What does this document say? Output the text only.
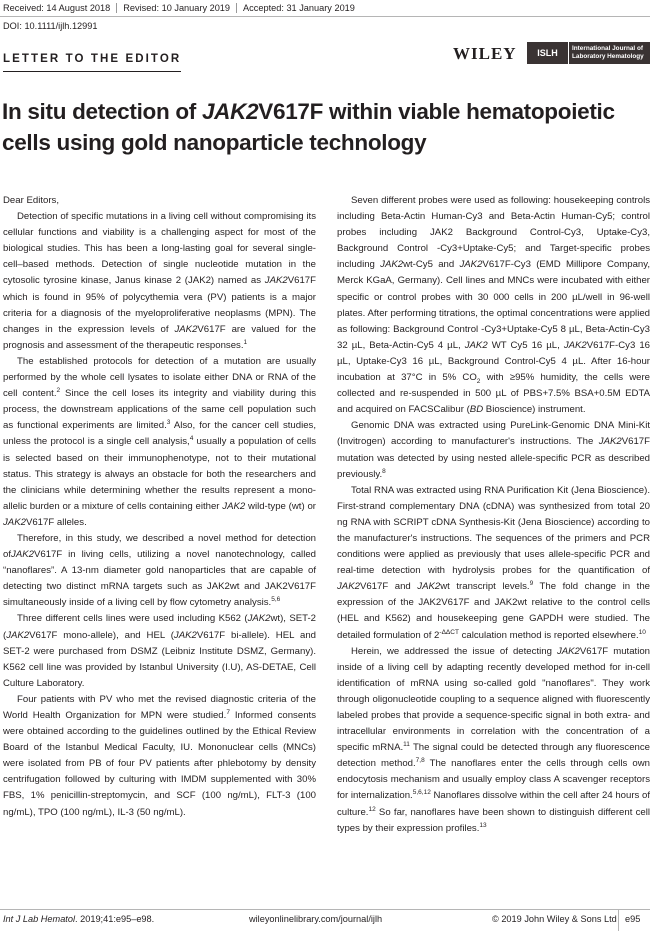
Received: 14 August 2018 Revised: 10 January 2019 Accepted: 31 January 2019
DOI: 10.1111/ijlh.12991
WILEY	ISLH	International Journal of
Laboratory Hematology
LETTER TO THE EDITOR
In situ detection of JAK2V617F within viable hematopoietic cells using gold nanoparticle technology

Dear Editors,

Detection of specific mutations in a living cell without compromising its cellular functions and viability is a challenging aspect for most of the biological studies. This has been a long-lasting goal for several single-cell–based methods. Detection of single nucleotide mutation in the cytosolic tyrosine kinase, Janus kinase 2 (JAK2) named as JAK2V617F which is found in 95% of polycythemia vera (PV) patients is a major criteria for a diagnosis of the myeloproliferative neoplasms (MPN). The changes in the expression levels of JAK2V617F are valued for the prognosis and assessment of the therapeutic responses.$^1$

The established protocols for detection of a mutation are usually performed by the whole cell lysates to isolate either DNA or RNA of the cell content.$^2$ Since the cell loses its integrity and viability during this process, the downstream applications of the same cell population such as functional experiments are limited.$^3$ Also, for the cancer cell studies, unless the protocol is a single cell analysis,$^4$ usually a population of cells is selected based on their immunophenotype, not to their mutational status. This strategy is always an obstacle for both the researchers and the clinicians while determining whether the results represent a mono-allelic burden or a mixture of cells containing either JAK2 wild-type (wt) or JAK2V617F alleles.

Therefore, in this study, we described a novel method for detection ofJAK2V617F in living cells, utilizing a novel nanotechnology, called “nanoflares”. A 13-nm diameter gold nanoparticles that are capable of detecting two distinct mRNA targets such as JAK2wt and JAK2V617F simultaneously inside of a living cell by flow cytometry analysis.$^{5,6}$

Three different cells lines were used including K562 (JAK2wt), SET-2 (JAK2V617F mono-allele), and HEL (JAK2V617F bi-allele). HEL and SET-2 were purchased from DSMZ (Leibniz Institute DSMZ, Germany). K562 cell line was provided by Istanbul University (I.U), AS-DETAE, Cell Culture Laboratory.

Four patients with PV who met the revised diagnostic criteria of the World Health Organization for MPN were studied.$^7$ Informed consents were obtained according to the guidelines outlined by the Ethical Review Board of the Istanbul Medical Faculty, IU. Mononuclear cells (MNCs) were isolated from PB of four PV patients after phlebotomy by density centrifugation followed by culturing with IMDM supplemented with 30% FBS, 1% penicillin-streptomycin, and SCF (100 ng/mL), FLT-3 (100 ng/mL), TPO (100 ng/mL), IL-3 (50 ng/mL).

Seven different probes were used as following: housekeeping controls including Beta-Actin Human-Cy3 and Beta-Actin Human-Cy5; control probes including JAK2 Background Control-Cy3, Uptake-Cy3, Background Control -Cy3+Uptake-Cy5; and Target-specific probes including JAK2wt-Cy5 and JAK2V617F-Cy3 (EMD Millipore Company, Merck KGaA, Germany). Cell lines and MNCs were incubated with either specific or control probes with 30 000 cells in 200 µL/well in 96-well plates. After performing titrations, the optimal concentrations were applied as following: Background Control -Cy3+Uptake-Cy5 8 µL, Beta-Actin-Cy3 32 µL, Beta-Actin-Cy5 4 µL, JAK2 WT Cy5 16 µL, JAK2V617F-Cy3 16 µL, Uptake-Cy3 16 µL, Background Control-Cy5 4 µL. After 16-hour incubation at 37°C in 5% $CO_2$ with ≥95% humidity, the cells were collected and re-suspended in 500 µL of PBS+7.5% BSA+0.5M EDTA and acquired on FACSCalibur (BD Bioscience) instrument.

Genomic DNA was extracted using PureLink-Genomic DNA Mini-Kit (Invitrogen) according to manufacturer's instructions. The JAK2V617F mutation was detected by using nested allele-specific PCR as described previously.$^8$

Total RNA was extracted using RNA Purification Kit (Jena Bioscience). First-strand complementary DNA (cDNA) was synthesized from total 20 ng RNA with SCRIPT cDNA Synthesis-Kit (Jena Bioscience) according to the manufacturer's instructions. The sequences of the primers and PCR conditions were applied as previously that uses allele-specific PCR and real-time detection with hydrolysis probes for the quantification of JAK2V617F and JAK2wt transcript levels.$^9$ The fold change in the expression of the JAK2V617F and JAK2wt relative to the control cells (HEL and K562) and housekeeping gene GAPDH were studied. The detailed formulation of $2^{-\Delta\Delta CT}$ calculation method is reported elsewhere.$^{10}$

Herein, we addressed the issue of detecting JAK2V617F mutation inside of a living cell by adapting recently developed method for in-cell identification of mRNA using so-called gold "nanoflares". They work through oligonucleotide coupling to a sequence aligned with fluorescently labeled probes that provide a sequence-specific signal in both extra- and intracellular environments in correlation with the concentration of a specific mRNA.$^{11}$ The signal could be detected through any fluorescence detection method.$^{7,8}$ The nanoflares enter the cells through cells own endocytosis mechanism and usually employ class A scavenger receptors for internalization.$^{5,6,12}$ Nanoflares dissolve within the cell after 24 hours of culture.$^{12}$ So far, nanoflares have been shown to distinguish different cell types by their expression profiles.$^{13}$

Int J Lab Hematol. 2019;41:e95–e98.	wileyonlinelibrary.com/journal/ijlh	© 2019 John Wiley & Sons Ltd e95
